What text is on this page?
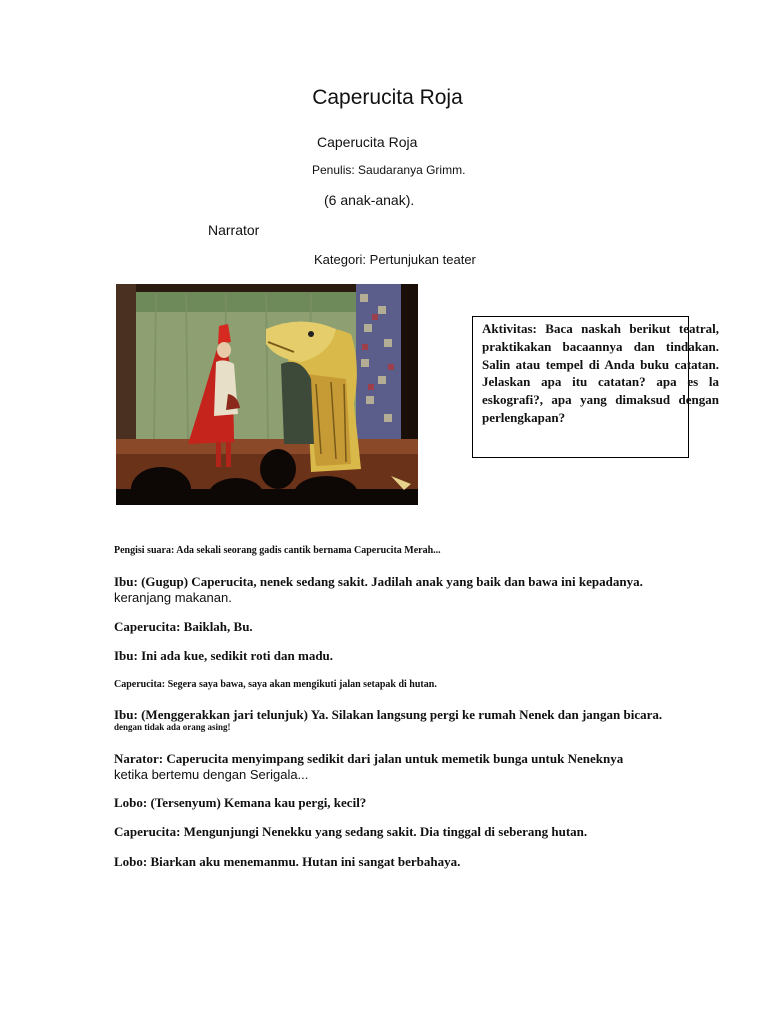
Caperucita Roja
Caperucita Roja
Penulis: Saudaranya Grimm.
(6 anak-anak).
Narrator
Kategori: Pertunjukan teater
Aktivitas: Baca naskah berikut teatral, praktikakan bacaannya dan tindakan. Salin atau tempel di Anda buku catatan. Jelaskan apa itu catatan? apa es la eskografi?, apa yang dimaksud dengan perlengkapan?
Pengisi suara: Ada sekali seorang gadis cantik bernama Caperucita Merah...
Ibu: (Gugup) Caperucita, nenek sedang sakit. Jadilah anak yang baik dan bawa ini kepadanya.
keranjang makanan.
Caperucita: Baiklah, Bu.
Ibu: Ini ada kue, sedikit roti dan madu.
Caperucita: Segera saya bawa, saya akan mengikuti jalan setapak di hutan.
Ibu: (Menggerakkan jari telunjuk) Ya. Silakan langsung pergi ke rumah Nenek dan jangan bicara.
dengan tidak ada orang asing!
Narator: Caperucita menyimpang sedikit dari jalan untuk memetik bunga untuk Neneknya
ketika bertemu dengan Serigala...
Lobo: (Tersenyum) Kemana kau pergi, kecil?
Caperucita: Mengunjungi Nenekku yang sedang sakit. Dia tinggal di seberang hutan.
Lobo: Biarkan aku menemanmu. Hutan ini sangat berbahaya.
